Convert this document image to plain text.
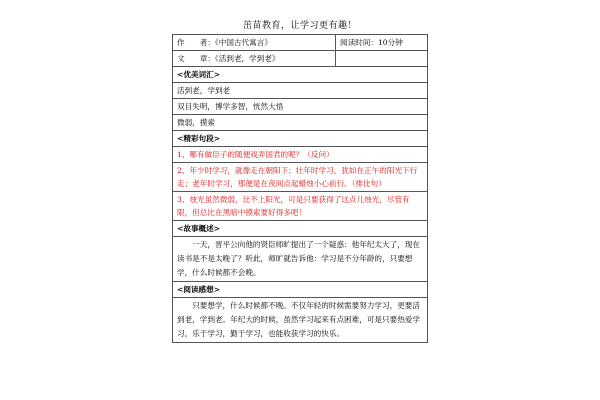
茁苗教育，让学习更有趣！
作　　者：《中国古代寓言》	阅读时间：10分钟
文　　章：《活到老，学到老》
<优美词汇>
活到老，学到老
双目失明，博学多智，恍然大悟
微弱，摸索
<精彩句段>
1、哪有做臣子的随便戏弄国君的呢？（反问）
2、年少时学习，就像走在朝阳下；壮年时学习，犹如在正午的阳光下行走；老年时学习，那便是在夜间点起蜡烛小心前行。（排比句）
3、烛光虽然微弱，比不上阳光，可是只要获得了这点儿烛光，尽管有限，但总比在黑暗中摸索要好得多吧！
<故事概述>
一天，晋平公向他的贤臣师旷提出了一个疑惑：他年纪太大了，现在读书是不是太晚了？听此，师旷就告诉他：学习是不分年龄的，只要想学，什么时候都不会晚。
<阅读感想>
只要想学，什么时候都不晚。不仅年轻的时候需要努力学习，更要活到老，学到老。年纪大的时候，虽然学习起来有点困难，可是只要热爱学习，乐于学习，勤于学习，也能收获学习的快乐。
